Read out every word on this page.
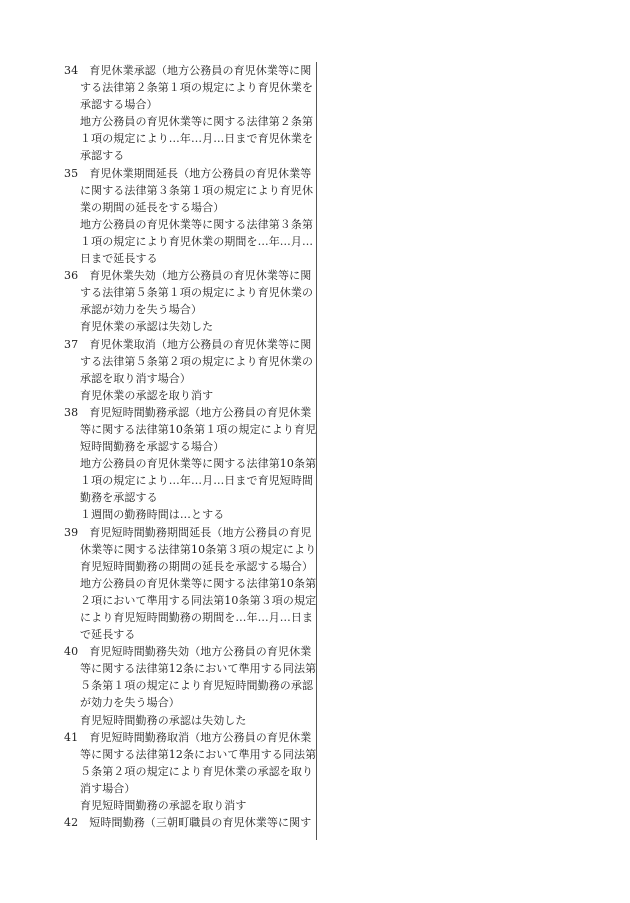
34　育児休業承認（地方公務員の育児休業等に関
する法律第２条第１項の規定により育児休業を
承認する場合）
地方公務員の育児休業等に関する法律第２条第
１項の規定により…年…月…日まで育児休業を
承認する
35　育児休業期間延長（地方公務員の育児休業等
に関する法律第３条第１項の規定により育児休
業の期間の延長をする場合）
地方公務員の育児休業等に関する法律第３条第
１項の規定により育児休業の期間を…年…月…
日まで延長する
36　育児休業失効（地方公務員の育児休業等に関
する法律第５条第１項の規定により育児休業の
承認が効力を失う場合）
育児休業の承認は失効した
37　育児休業取消（地方公務員の育児休業等に関
する法律第５条第２項の規定により育児休業の
承認を取り消す場合）
育児休業の承認を取り消す
38　育児短時間勤務承認（地方公務員の育児休業
等に関する法律第10条第１項の規定により育児
短時間勤務を承認する場合）
地方公務員の育児休業等に関する法律第10条第
１項の規定により…年…月…日まで育児短時間
勤務を承認する
１週間の勤務時間は…とする
39　育児短時間勤務期間延長（地方公務員の育児
休業等に関する法律第10条第３項の規定により
育児短時間勤務の期間の延長を承認する場合）
地方公務員の育児休業等に関する法律第10条第
２項において準用する同法第10条第３項の規定
により育児短時間勤務の期間を…年…月…日ま
で延長する
40　育児短時間勤務失効（地方公務員の育児休業
等に関する法律第12条において準用する同法第
５条第１項の規定により育児短時間勤務の承認
が効力を失う場合）
育児短時間勤務の承認は失効した
41　育児短時間勤務取消（地方公務員の育児休業
等に関する法律第12条において準用する同法第
５条第２項の規定により育児休業の承認を取り
消す場合）
育児短時間勤務の承認を取り消す
42　短時間勤務（三朝町職員の育児休業等に関す
